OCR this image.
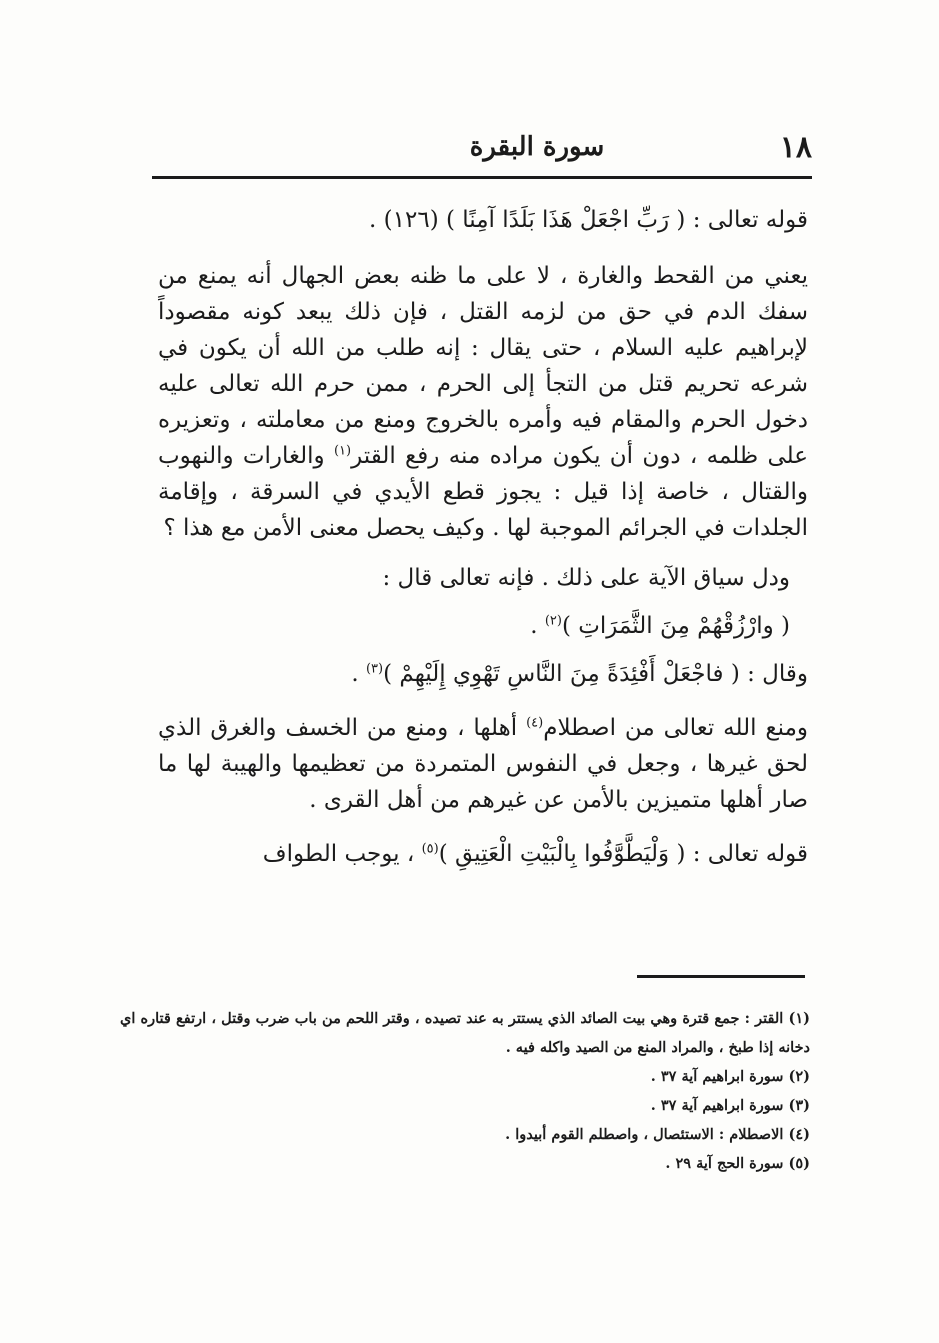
١٨
سورة البقرة

قوله تعالى : ( رَبِّ اجْعَلْ هَذَا بَلَدًا آمِنًا ) (١٢٦) .

يعني من القحط والغارة ، لا على ما ظنه بعض الجهال أنه يمنع من سفك الدم في حق من لزمه القتل ، فإن ذلك يبعد كونه مقصوداً لإبراهيم عليه السلام ، حتى يقال : إنه طلب من الله أن يكون في شرعه تحريم قتل من التجأ إلى الحرم ، ممن حرم الله تعالى عليه دخول الحرم والمقام فيه وأمره بالخروج ومنع من معاملته ، وتعزيره على ظلمه ، دون أن يكون مراده منه رفع القتر$^{(١)}$ والغارات والنهوب والقتال ، خاصة إذا قيل : يجوز قطع الأيدي في السرقة ، وإقامة الجلدات في الجرائم الموجبة لها . وكيف يحصل معنى الأمن مع هذا ؟

ودل سياق الآية على ذلك . فإنه تعالى قال :

( وارْزُقْهُمْ مِنَ الثَّمَرَاتِ )$^{(٢)}$ .

وقال : ( فاجْعَلْ أَفْئِدَةً مِنَ النَّاسِ تَهْوِي إِلَيْهِمْ )$^{(٣)}$ .

ومنع الله تعالى من اصطلام$^{(٤)}$ أهلها ، ومنع من الخسف والغرق الذي لحق غيرها ، وجعل في النفوس المتمردة من تعظيمها والهيبة لها ما صار أهلها متميزين بالأمن عن غيرهم من أهل القرى .

قوله تعالى : ( وَلْيَطَّوَّفُوا بِالْبَيْتِ الْعَتِيقِ )$^{(٥)}$ ، يوجب الطواف

(١) القتر : جمع قترة وهي بيت الصائد الذي يستتر به عند تصيده ، وقتر اللحم من باب ضرب وقتل ، ارتفع قتاره اي دخانه إذا طبخ ، والمراد المنع من الصيد واكله فيه .

(٢) سورة ابراهيم آية ٣٧ .

(٣) سورة ابراهيم آية ٣٧ .

(٤) الاصطلام : الاستئصال ، واصطلم القوم أبيدوا .

(٥) سورة الحج آية ٢٩ .
